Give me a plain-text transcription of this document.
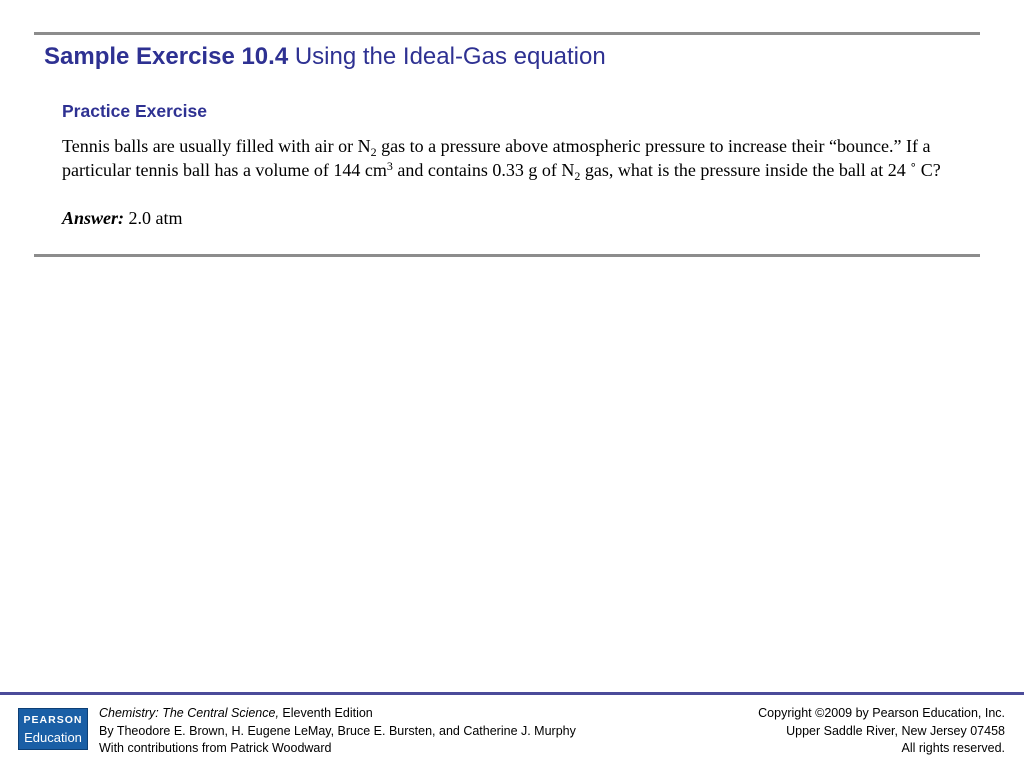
Sample Exercise 10.4 Using the Ideal-Gas equation
Practice Exercise
Tennis balls are usually filled with air or $N_2$ gas to a pressure above atmospheric pressure to increase their “bounce.” If a particular tennis ball has a volume of 144 $cm^3$ and contains 0.33 g of $N_2$ gas, what is the pressure inside the ball at 24 ˚ C?
Answer: 2.0 atm
PEARSON
Education
Chemistry: The Central Science, Eleventh Edition
By Theodore E. Brown, H. Eugene LeMay, Bruce E. Bursten, and Catherine J. Murphy
With contributions from Patrick Woodward
Copyright ©2009 by Pearson Education, Inc.
Upper Saddle River, New Jersey 07458
All rights reserved.
